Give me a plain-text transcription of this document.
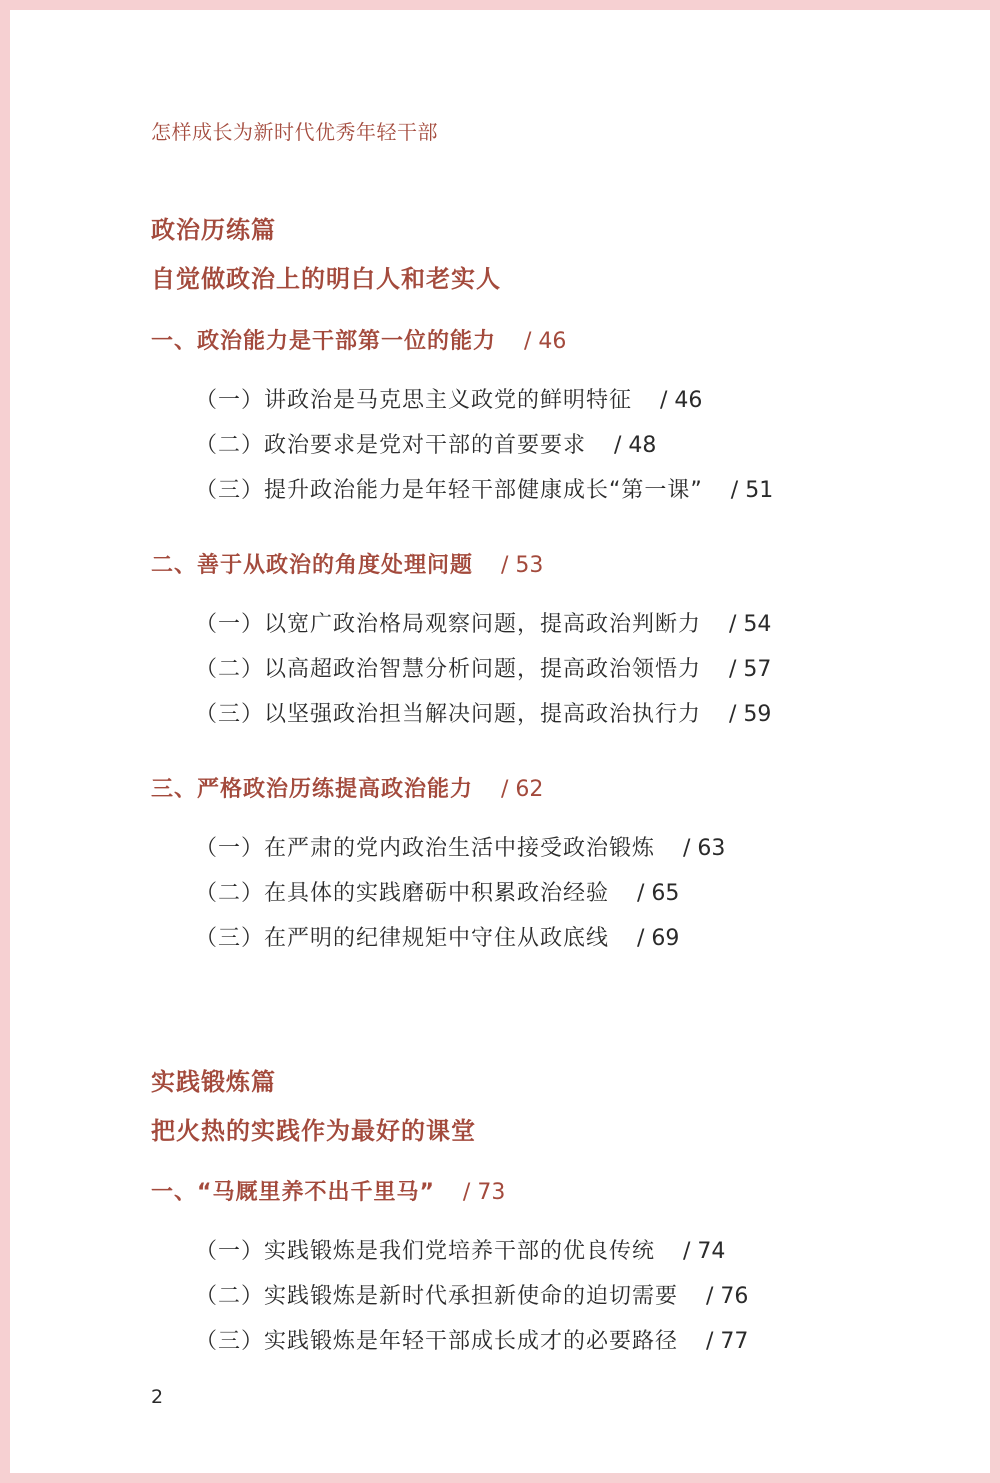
怎样成长为新时代优秀年轻干部
政治历练篇
自觉做政治上的明白人和老实人
一、政治能力是干部第一位的能力 / 46
（一）讲政治是马克思主义政党的鲜明特征 / 46
（二）政治要求是党对干部的首要要求 / 48
（三）提升政治能力是年轻干部健康成长“第一课” / 51
二、善于从政治的角度处理问题 / 53
（一）以宽广政治格局观察问题，提高政治判断力 / 54
（二）以高超政治智慧分析问题，提高政治领悟力 / 57
（三）以坚强政治担当解决问题，提高政治执行力 / 59
三、严格政治历练提高政治能力 / 62
（一）在严肃的党内政治生活中接受政治锻炼 / 63
（二）在具体的实践磨砺中积累政治经验 / 65
（三）在严明的纪律规矩中守住从政底线 / 69
实践锻炼篇
把火热的实践作为最好的课堂
一、“马厩里养不出千里马” / 73
（一）实践锻炼是我们党培养干部的优良传统 / 74
（二）实践锻炼是新时代承担新使命的迫切需要 / 76
（三）实践锻炼是年轻干部成长成才的必要路径 / 77
2
